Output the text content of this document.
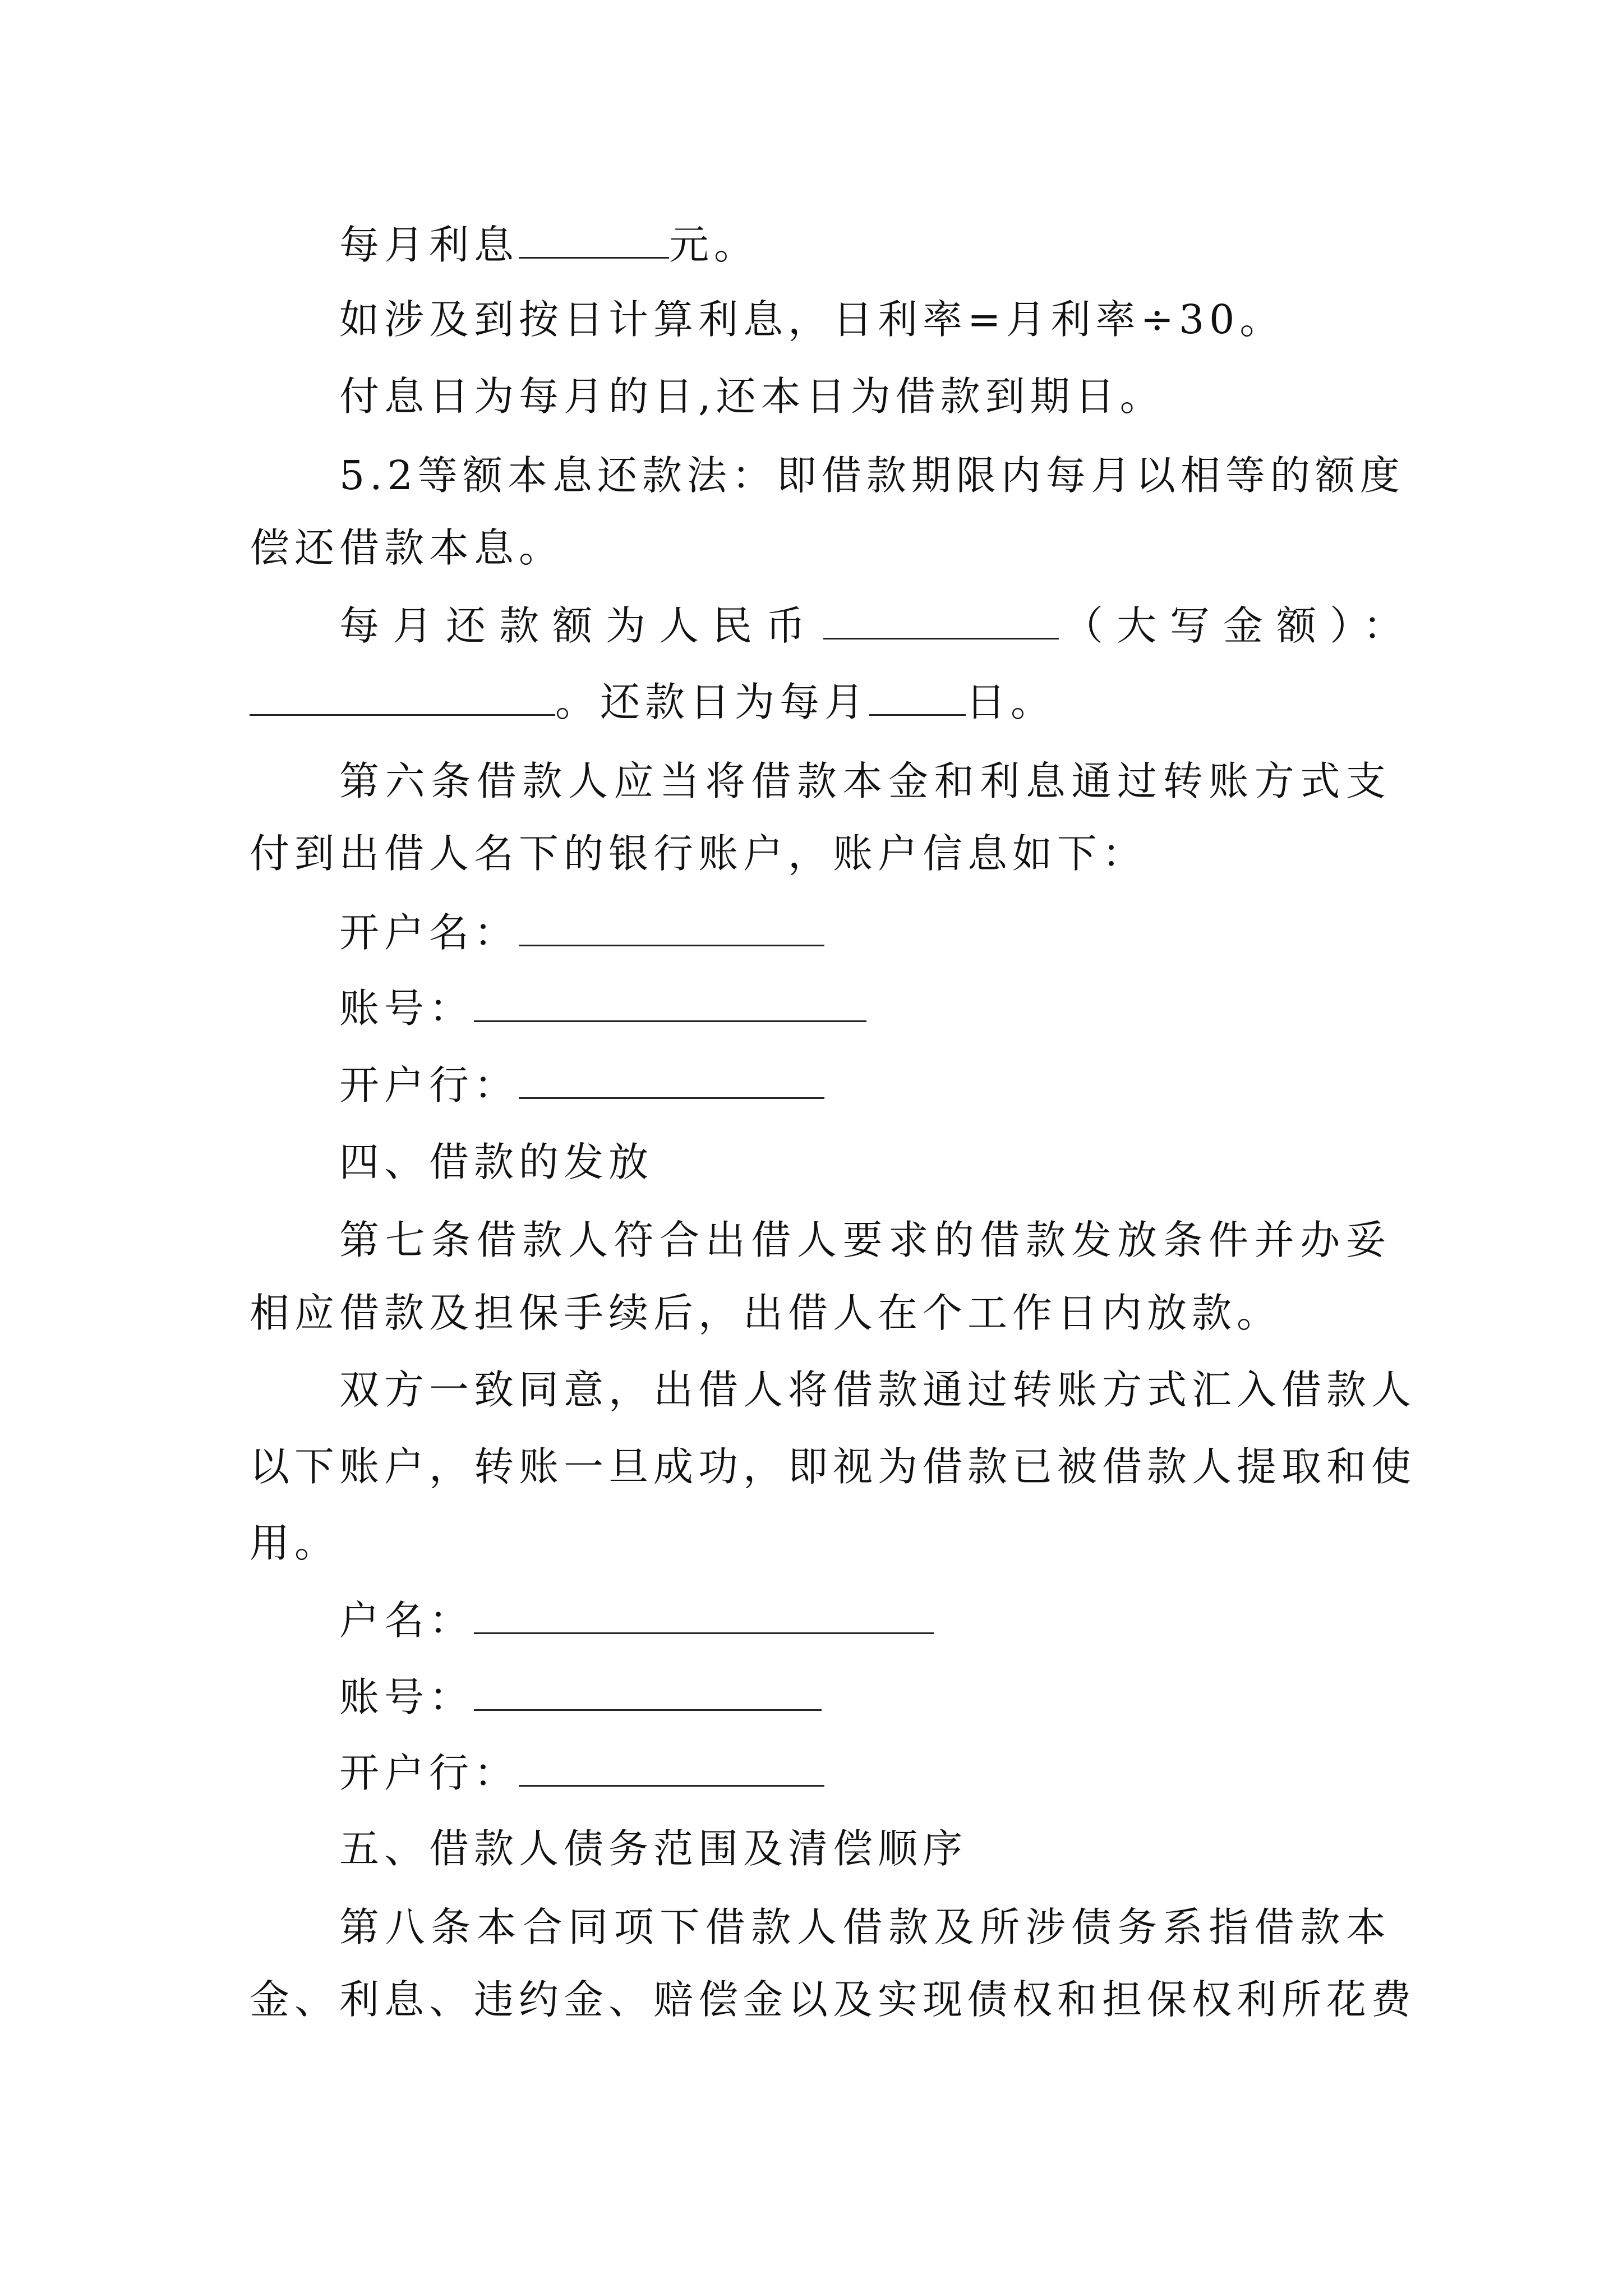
每月利息	元。
如涉及到按日计算利息，日利率=月利率÷30。
付息日为每月的日,还本日为借款到期日。
5.2等额本息还款法：即借款期限内每月以相等的额度
偿还借款本息。
每月还款额为人民币	（大写金额）：
。还款日为每月 日。
第六条借款人应当将借款本金和利息通过转账方式支
付到出借人名下的银行账户，账户信息如下：
开户名：
账号：
开户行：
四、借款的发放
第七条借款人符合出借人要求的借款发放条件并办妥
相应借款及担保手续后，出借人在个工作日内放款。
双方一致同意，出借人将借款通过转账方式汇入借款人
以下账户，转账一旦成功，即视为借款已被借款人提取和使
用。
户名：
账号：
开户行：
五、借款人债务范围及清偿顺序
第八条本合同项下借款人借款及所涉债务系指借款本
金、利息、违约金、赔偿金以及实现债权和担保权利所花费
